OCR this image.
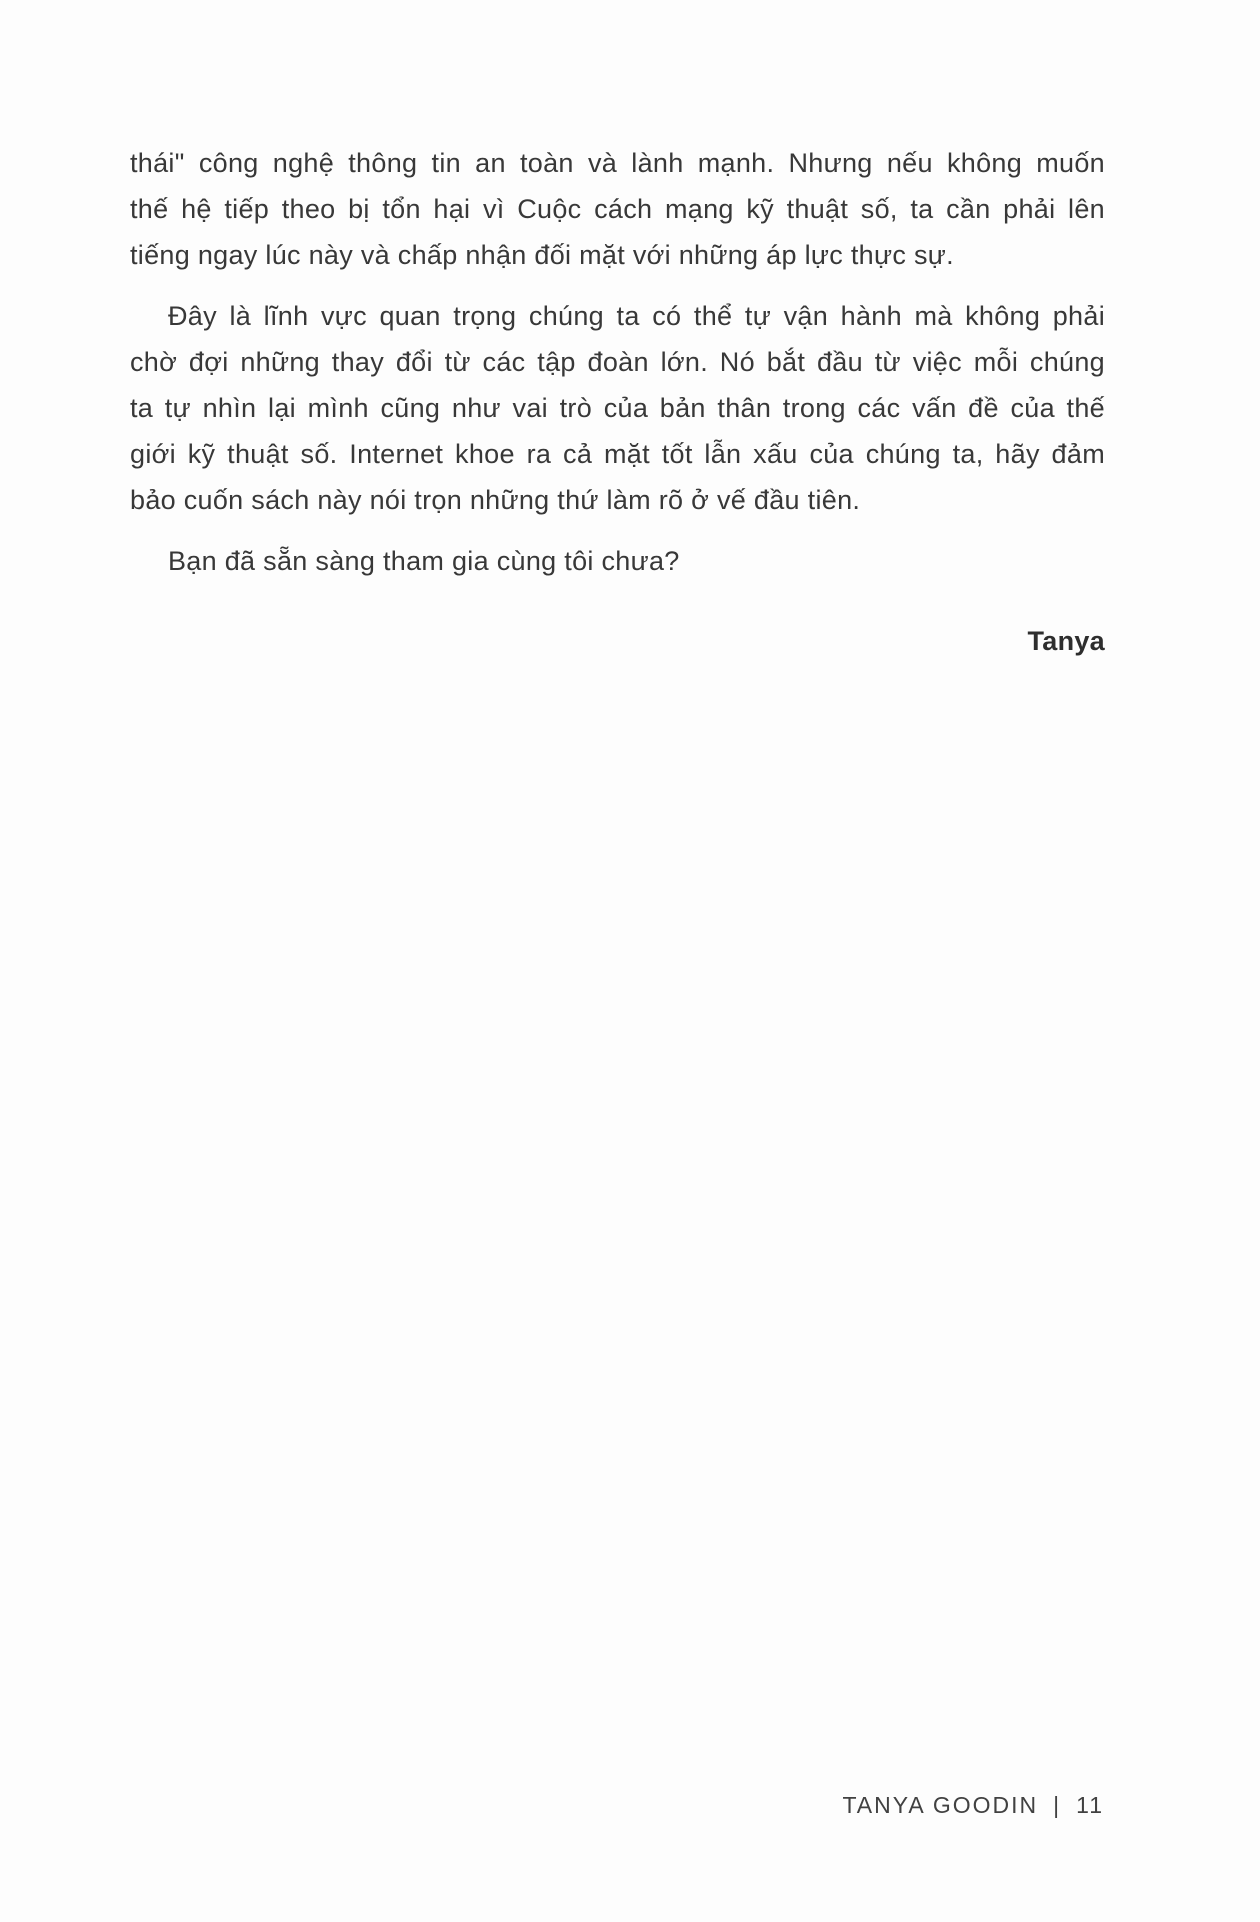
thái" công nghệ thông tin an toàn và lành mạnh. Nhưng nếu không muốn
thế hệ tiếp theo bị tổn hại vì Cuộc cách mạng kỹ thuật số, ta cần phải lên
tiếng ngay lúc này và chấp nhận đối mặt với những áp lực thực sự.
Đây là lĩnh vực quan trọng chúng ta có thể tự vận hành mà không phải
chờ đợi những thay đổi từ các tập đoàn lớn. Nó bắt đầu từ việc mỗi chúng
ta tự nhìn lại mình cũng như vai trò của bản thân trong các vấn đề của thế
giới kỹ thuật số. Internet khoe ra cả mặt tốt lẫn xấu của chúng ta, hãy đảm
bảo cuốn sách này nói trọn những thứ làm rõ ở vế đầu tiên.
Bạn đã sẵn sàng tham gia cùng tôi chưa?
Tanya
TANYA GOODIN | 11
